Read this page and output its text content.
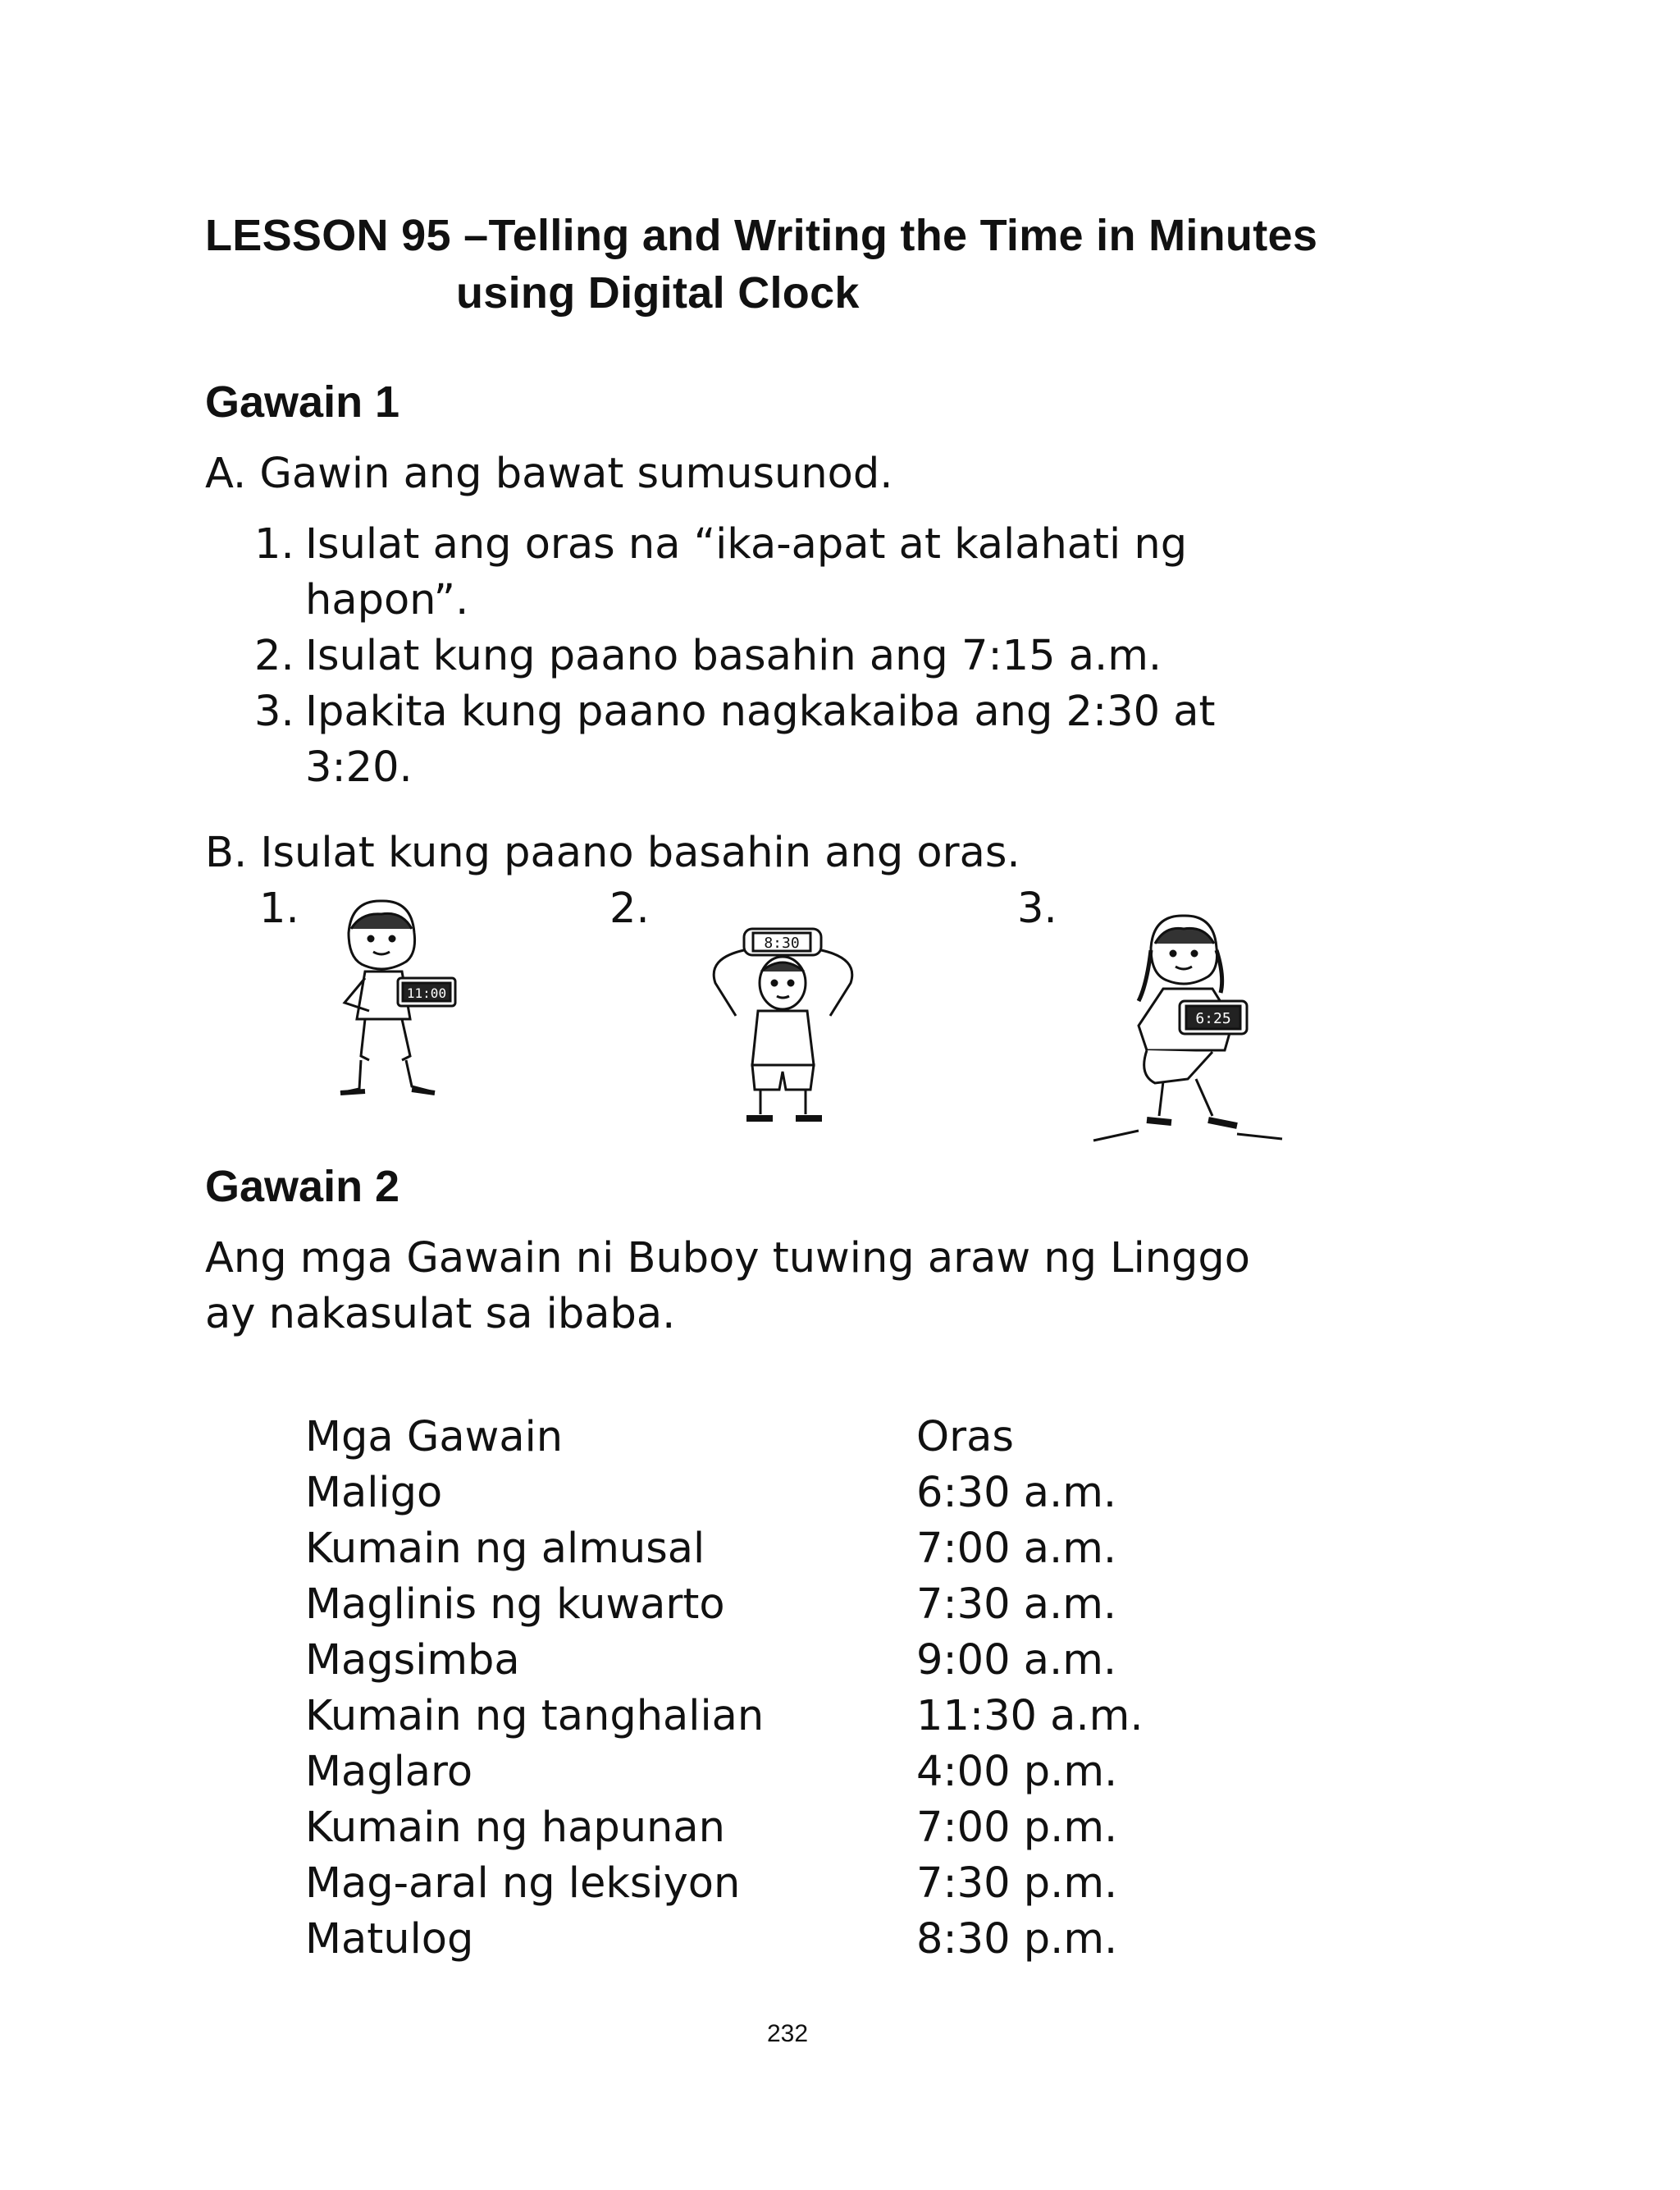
LESSON 95 –Telling and Writing the Time in Minutes
using Digital Clock
Gawain 1
A. Gawin ang bawat sumusunod.
1. Isulat ang oras na “ika-apat at kalahati ng hapon”.
2. Isulat kung paano basahin ang 7:15 a.m.
3. Ipakita kung paano nagkakaiba ang 2:30 at 3:20.
B. Isulat kung paano basahin ang oras.
1.	2.	3.
11:00
8:30
6:25
Gawain 2
Ang mga Gawain ni Buboy tuwing araw ng Linggo
ay nakasulat sa ibaba.
Mga Gawain	Oras
Maligo	6:30 a.m.
Kumain ng almusal	7:00 a.m.
Maglinis ng kuwarto	7:30 a.m.
Magsimba	9:00 a.m.
Kumain ng tanghalian	11:30 a.m.
Maglaro	4:00 p.m.
Kumain ng hapunan	7:00 p.m.
Mag-aral ng leksiyon	7:30 p.m.
Matulog	8:30 p.m.
232
